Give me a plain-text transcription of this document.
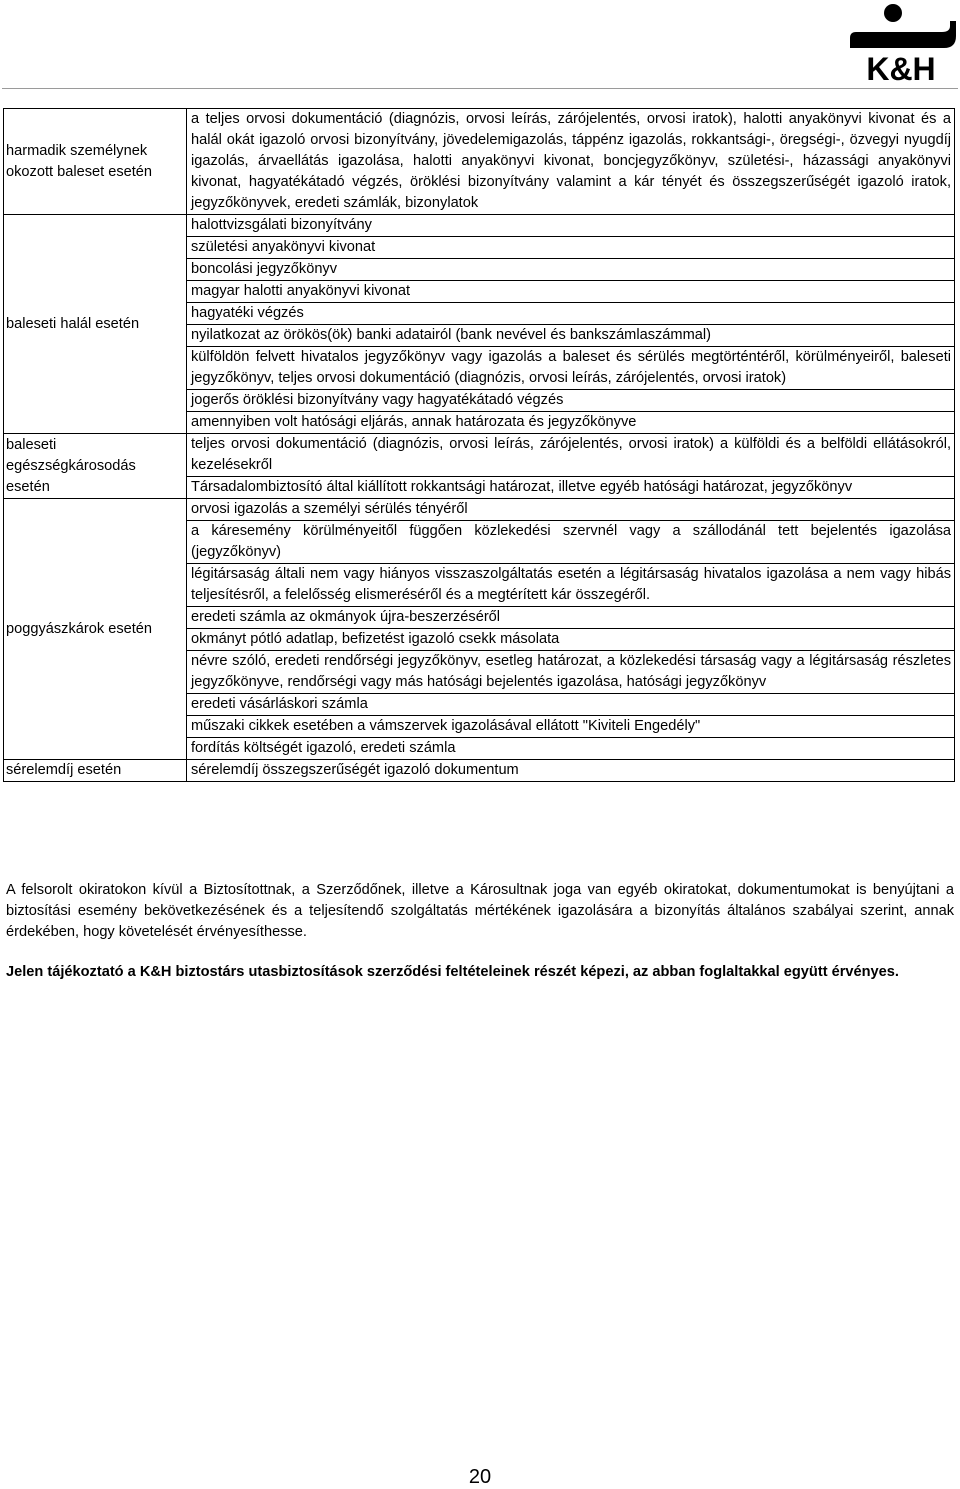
K&H
harmadik személynek okozott baleset esetén	a teljes orvosi dokumentáció (diagnózis, orvosi leírás, zárójelentés, orvosi iratok), halotti anyakönyvi kivonat és a halál okát igazoló orvosi bizonyítvány, jövedelemigazolás, táppénz igazolás, rokkantsági-, öregségi-, özvegyi nyugdíj igazolás, árvaellátás igazolása, halotti anyakönyvi kivonat, boncjegyzőkönyv, születési-, házassági anyakönyvi kivonat, hagyatékátadó végzés, öröklési bizonyítvány valamint a kár tényét és összegszerűségét igazoló iratok, jegyzőkönyvek, eredeti számlák, bizonylatok
baleseti halál esetén	halottvizsgálati bizonyítvány
	születési anyakönyvi kivonat
	boncolási jegyzőkönyv
	magyar halotti anyakönyvi kivonat
	hagyatéki végzés
	nyilatkozat az örökös(ök) banki adatairól (bank nevével és bankszámlaszámmal)
	külföldön felvett hivatalos jegyzőkönyv vagy igazolás a baleset és sérülés megtörténtéről, körülményeiről, baleseti jegyzőkönyv, teljes orvosi dokumentáció (diagnózis, orvosi leírás, zárójelentés, orvosi iratok)
	jogerős öröklési bizonyítvány vagy hagyatékátadó végzés
	amennyiben volt hatósági eljárás, annak határozata és jegyzőkönyve
baleseti egészségkárosodás esetén	teljes orvosi dokumentáció (diagnózis, orvosi leírás, zárójelentés, orvosi iratok) a külföldi és a belföldi ellátásokról, kezelésekről
	Társadalombiztosító által kiállított rokkantsági határozat, illetve egyéb hatósági határozat, jegyzőkönyv
poggyászkárok esetén	orvosi igazolás a személyi sérülés tényéről
	a káresemény körülményeitől függően közlekedési szervnél vagy a szállodánál tett bejelentés igazolása (jegyzőkönyv)
	légitársaság általi nem vagy hiányos visszaszolgáltatás esetén a légitársaság hivatalos igazolása a nem vagy hibás teljesítésről, a felelősség elismeréséről és a megtérített kár összegéről.
	eredeti számla az okmányok újra-beszerzéséről
	okmányt pótló adatlap, befizetést igazoló csekk másolata
	névre szóló, eredeti rendőrségi jegyzőkönyv, esetleg határozat, a közlekedési társaság vagy a légitársaság részletes jegyzőkönyve, rendőrségi vagy más hatósági bejelentés igazolása, hatósági jegyzőkönyv
	eredeti vásárláskori számla
	műszaki cikkek esetében a vámszervek igazolásával ellátott "Kiviteli Engedély"
	fordítás költségét igazoló, eredeti számla
sérelemdíj esetén	sérelemdíj összegszerűségét igazoló dokumentum

A felsorolt okiratokon kívül a Biztosítottnak, a Szerződőnek, illetve a Károsultnak joga van egyéb okiratokat, dokumentumokat is benyújtani a biztosítási esemény bekövetkezésének és a teljesítendő szolgáltatás mértékének igazolására a bizonyítás általános szabályai szerint, annak érdekében, hogy követelését érvényesíthesse.

Jelen tájékoztató a K&H biztostárs utasbiztosítások szerződési feltételeinek részét képezi, az abban foglaltakkal együtt érvényes.

20
